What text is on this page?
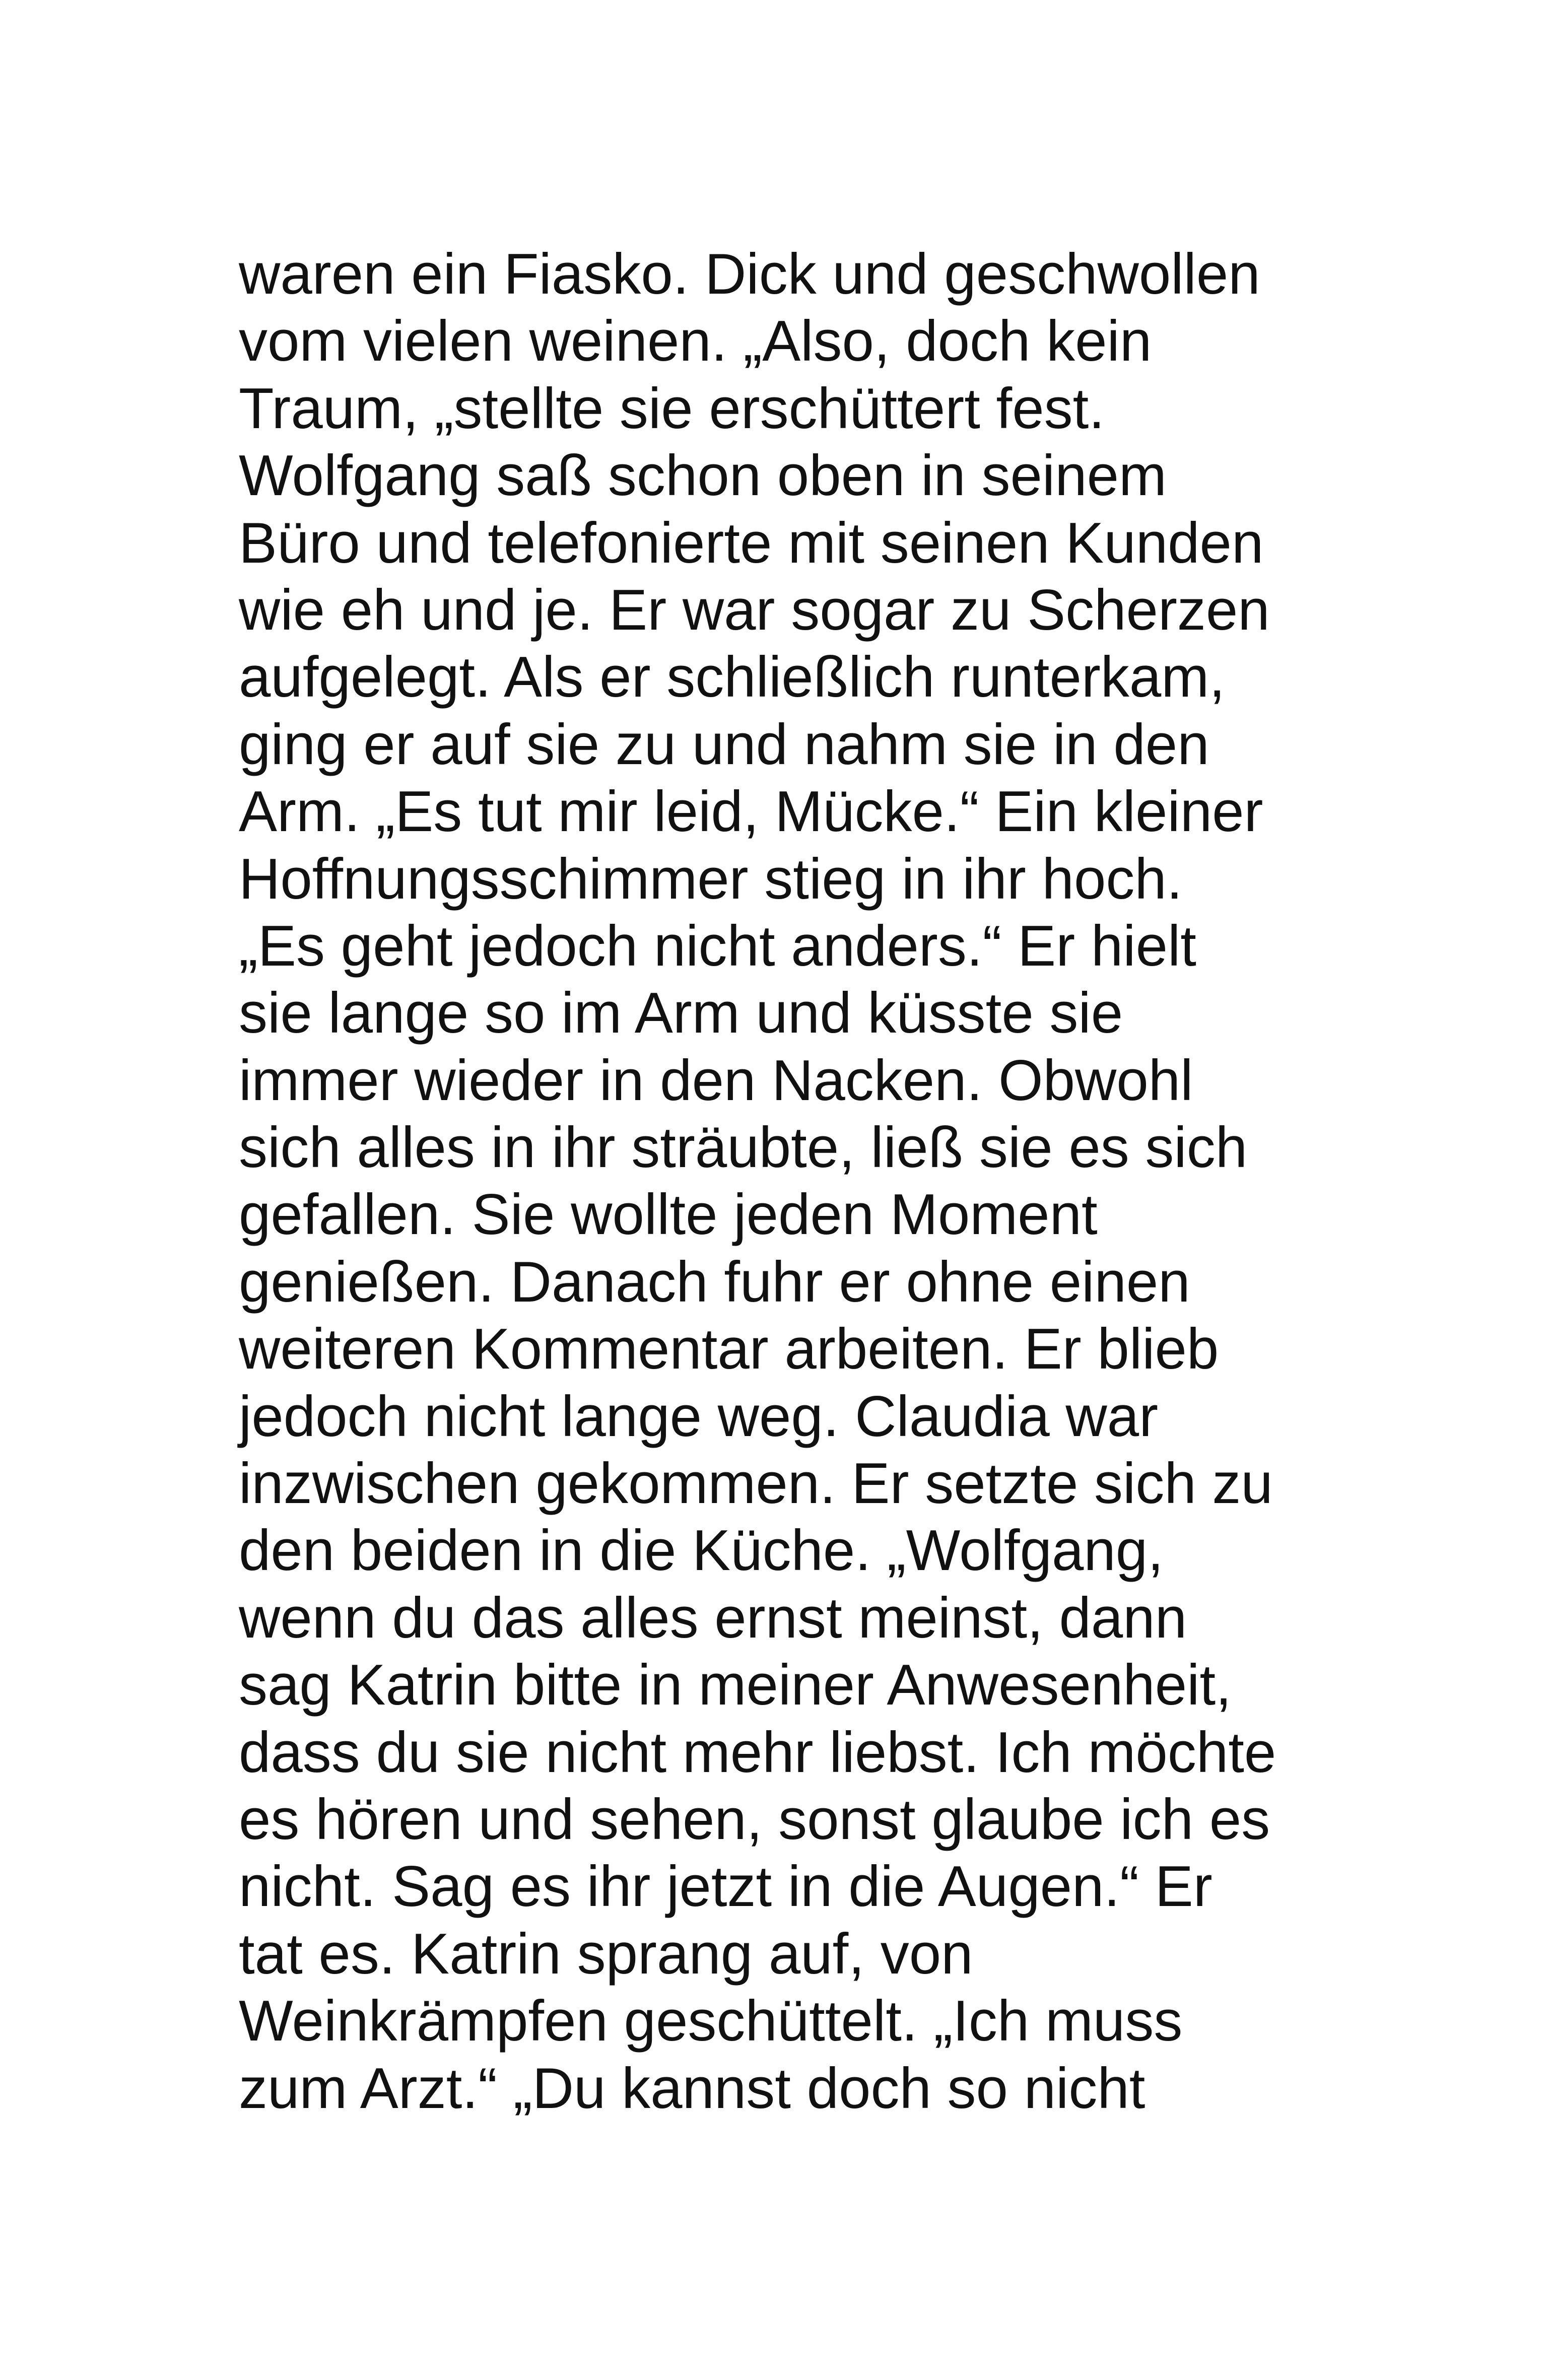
waren ein Fiasko. Dick und geschwollen
vom vielen weinen. „Also, doch kein
Traum, „stellte sie erschüttert fest.
Wolfgang saß schon oben in seinem
Büro und telefonierte mit seinen Kunden
wie eh und je. Er war sogar zu Scherzen
aufgelegt. Als er schließlich runterkam,
ging er auf sie zu und nahm sie in den
Arm. „Es tut mir leid, Mücke.“ Ein kleiner
Hoffnungsschimmer stieg in ihr hoch.
„Es geht jedoch nicht anders.“ Er hielt
sie lange so im Arm und küsste sie
immer wieder in den Nacken. Obwohl
sich alles in ihr sträubte, ließ sie es sich
gefallen. Sie wollte jeden Moment
genießen. Danach fuhr er ohne einen
weiteren Kommentar arbeiten. Er blieb
jedoch nicht lange weg. Claudia war
inzwischen gekommen. Er setzte sich zu
den beiden in die Küche. „Wolfgang,
wenn du das alles ernst meinst, dann
sag Katrin bitte in meiner Anwesenheit,
dass du sie nicht mehr liebst. Ich möchte
es hören und sehen, sonst glaube ich es
nicht. Sag es ihr jetzt in die Augen.“ Er
tat es. Katrin sprang auf, von
Weinkrämpfen geschüttelt. „Ich muss
zum Arzt.“ „Du kannst doch so nicht
